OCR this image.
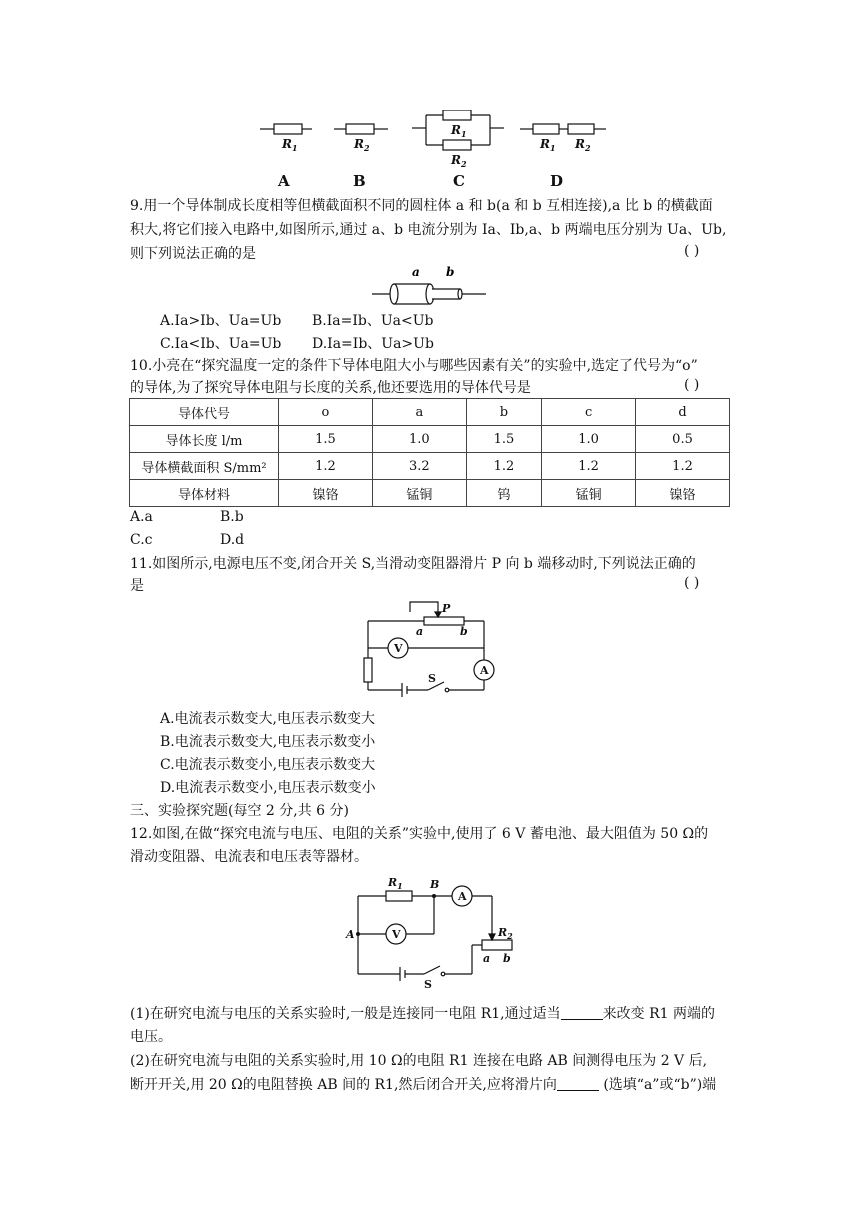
$R_1$	$R_2$
$R_1$
$R_2$
$R_1$ $R_2$
A	B	C	D
9.用一个导体制成长度相等但横截面积不同的圆柱体 a 和 b(a 和 b 互相连接),a 比 b 的横截面
积大,将它们接入电路中,如图所示,通过 a、b 电流分别为 Ia、Ib,a、b 两端电压分别为 Ua、Ub,
则下列说法正确的是	( )
a b
A.Ia>Ib、Ua=Ub B.Ia=Ib、Ua<Ub
C.Ia<Ib、Ua=Ub D.Ia=Ib、Ua>Ub
10.小亮在“探究温度一定的条件下导体电阻大小与哪些因素有关”的实验中,选定了代号为“o”
的导体,为了探究导体电阻与长度的关系,他还要选用的导体代号是	( )
导体代号	o	a	b	c	d
导体长度 l/m	1.5	1.0	1.5	1.0	0.5
导体横截面积 S/mm²	1.2	3.2	1.2	1.2	1.2
导体材料	镍铬	锰铜	钨	锰铜	镍铬
A.a	B.b
C.c	D.d
11.如图所示,电源电压不变,闭合开关 S,当滑动变阻器滑片 P 向 b 端移动时,下列说法正确的
是	( )
P
a	b
V
A
S
A.电流表示数变大,电压表示数变大
B.电流表示数变大,电压表示数变小
C.电流表示数变小,电压表示数变大
D.电流表示数变小,电压表示数变小
三、实验探究题(每空 2 分,共 6 分)
12.如图,在做“探究电流与电压、电阻的关系”实验中,使用了 6 V 蓄电池、最大阻值为 50 Ω的
滑动变阻器、电流表和电压表等器材。
$R_1$ B
A
$R_2$
A	V
a b
S
(1)在研究电流与电压的关系实验时,一般是连接同一电阻 R1,通过适当	来改变 R1 两端的
电压。
(2)在研究电流与电阻的关系实验时,用 10 Ω的电阻 R1 连接在电路 AB 间测得电压为 2 V 后,
断开开关,用 20 Ω的电阻替换 AB 间的 R1,然后闭合开关,应将滑片向	(选填“a”或“b”)端
